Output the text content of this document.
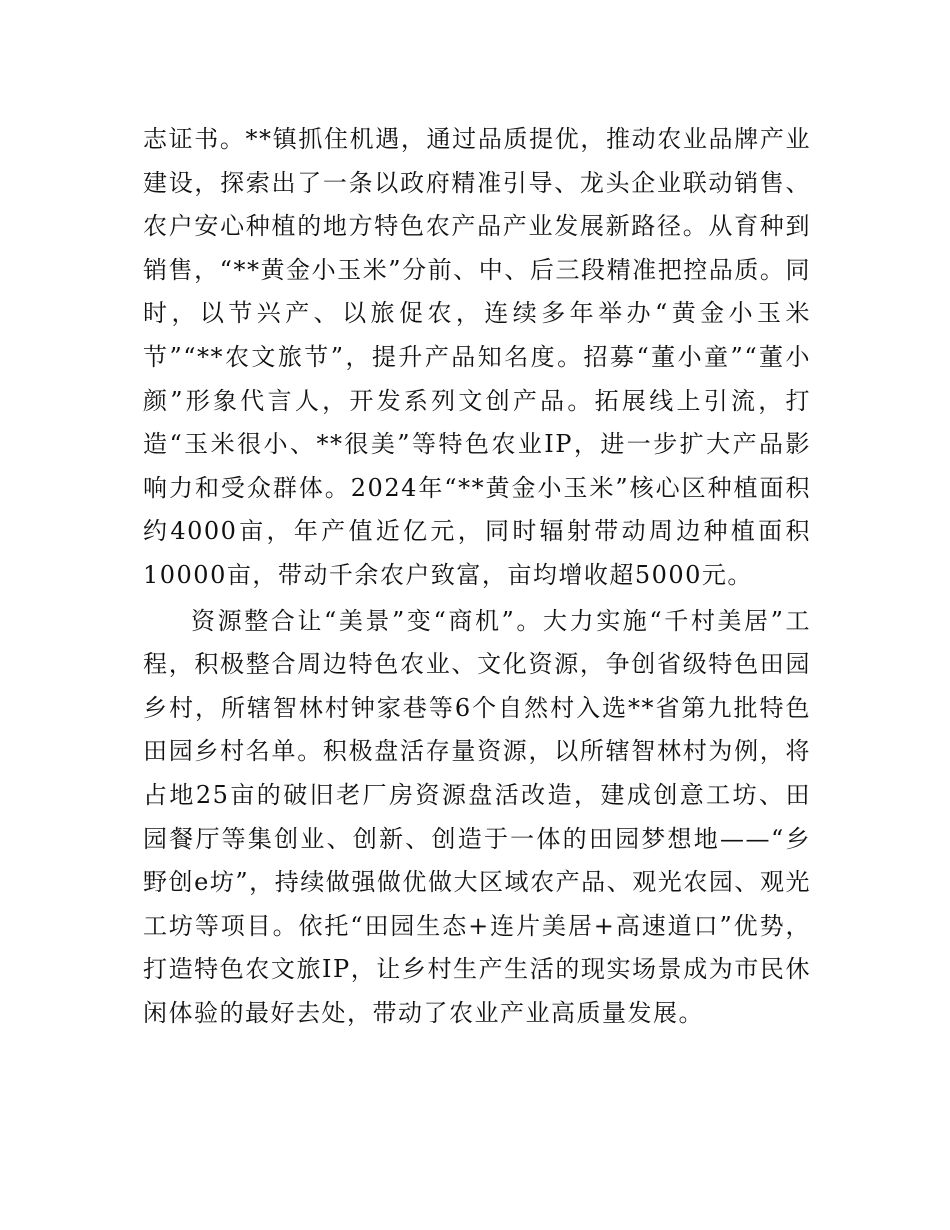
志证书。**镇抓住机遇，通过品质提优，推动农业品牌产业建设，探索出了一条以政府精准引导、龙头企业联动销售、农户安心种植的地方特色农产品产业发展新路径。从育种到销售，“**黄金小玉米”分前、中、后三段精准把控品质。同时，以节兴产、以旅促农，连续多年举办“黄金小玉米节”“**农文旅节”，提升产品知名度。招募“董小童”“董小颜”形象代言人，开发系列文创产品。拓展线上引流，打造“玉米很小、**很美”等特色农业IP，进一步扩大产品影响力和受众群体。2024年“**黄金小玉米”核心区种植面积约4000亩，年产值近亿元，同时辐射带动周边种植面积10000亩，带动千余农户致富，亩均增收超5000元。

资源整合让“美景”变“商机”。大力实施“千村美居”工程，积极整合周边特色农业、文化资源，争创省级特色田园乡村，所辖智林村钟家巷等6个自然村入选**省第九批特色田园乡村名单。积极盘活存量资源，以所辖智林村为例，将占地25亩的破旧老厂房资源盘活改造，建成创意工坊、田园餐厅等集创业、创新、创造于一体的田园梦想地——“乡野创e坊”，持续做强做优做大区域农产品、观光农园、观光工坊等项目。依托“田园生态+连片美居+高速道口”优势，打造特色农文旅IP，让乡村生产生活的现实场景成为市民休闲体验的最好去处，带动了农业产业高质量发展。
